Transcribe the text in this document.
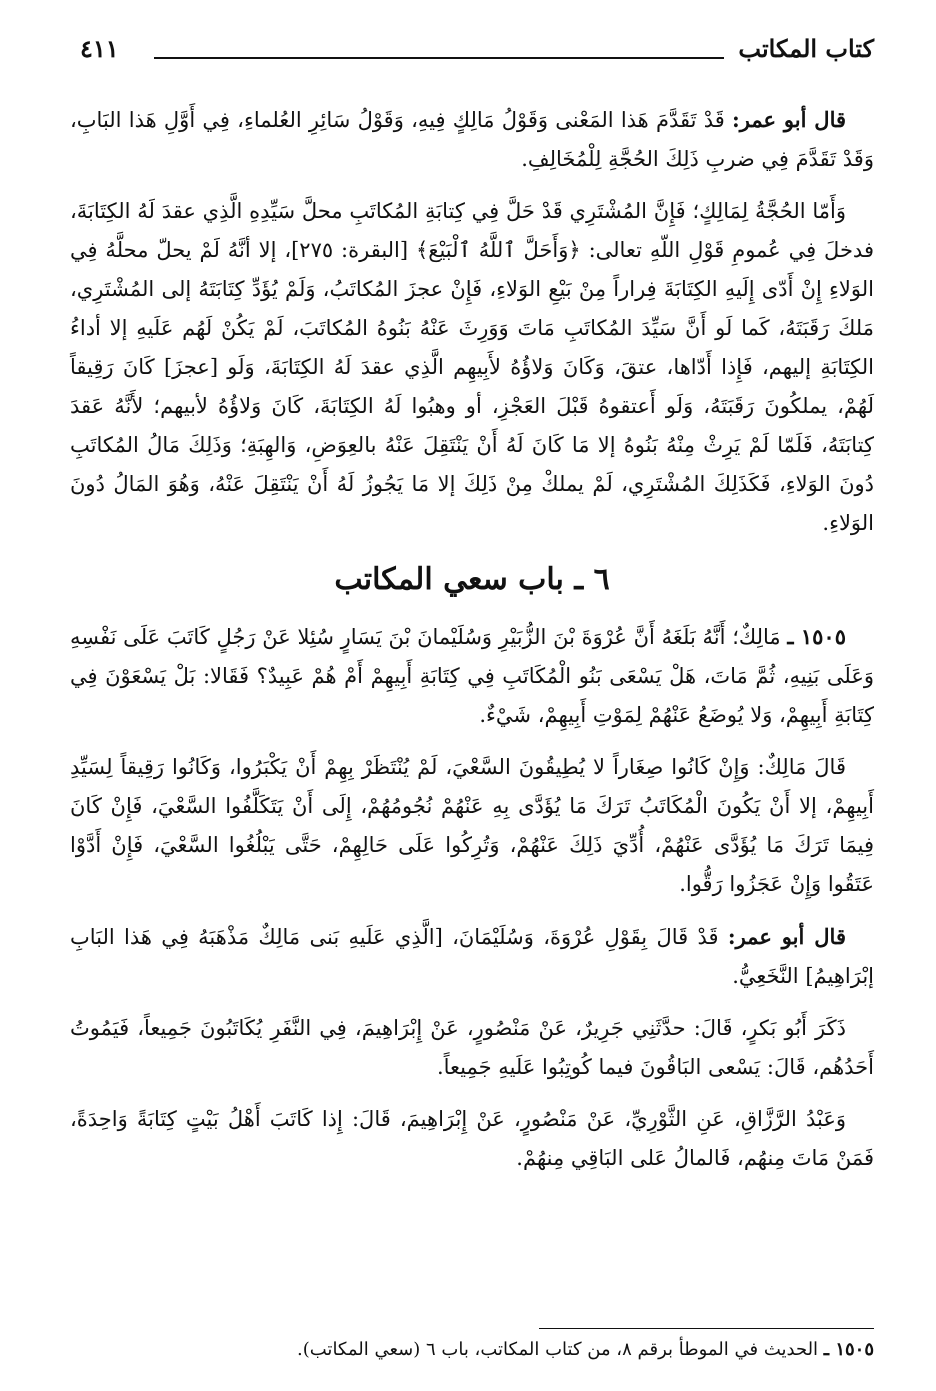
كتاب المكاتب
٤١١

قال أبو عمر: قَدْ تَقَدَّمَ هَذا المَعْنى وَقَوْلُ مَالِكٍ فِيهِ، وَقَوْلُ سَائِرِ العُلماءِ، فِي أَوَّلِ هَذا البَابِ، وَقَدْ تَقَدَّمَ فِي ضربِ ذَلِكَ الحُجَّةِ لِلْمُخَالِفِ.

وَأَمّا الحُجَّةُ لِمَالِكٍ؛ فَإِنَّ المُشْتَرِي قَدْ حَلَّ فِي كِتابَةِ المُكاتَبِ محلَّ سَيِّدِهِ الَّذِي عقدَ لَهُ الكِتَابَةَ، فدخلَ فِي عُمومِ قَوْلِ اللّهِ تعالى: ﴿وَأَحَلَّ ٱللَّهُ ٱلْبَيْعَ﴾ [البقرة: ٢٧٥]، إلا أنَّهُ لَمْ يحلّ محلَّهُ فِي الوَلاءِ إِنْ أَدّى إِلَيهِ الكِتَابَةَ فِراراً مِنْ بَيْعِ الوَلاءِ، فَإِنْ عجزَ المُكاتَبُ، وَلَمْ يُؤَدِّ كِتَابَتَهُ إلى المُشْتَرِي، مَلكَ رَقَبَتَهُ، كَما لَو أَنَّ سَيِّدَ المُكاتَبِ مَاتَ وَوَرِثَ عَنْهُ بَنُوهُ المُكاتَبَ، لَمْ يَكُنْ لَهُم عَلَيهِ إلا أداءُ الكِتَابَةِ إليهم، فَإِذا أَدّاها، عتقَ، وَكَانَ وَلاؤُهُ لأَبِيهِم الَّذِي عقدَ لَهُ الكِتَابَةَ، وَلَو [عجزَ] كَانَ رَقِيقاً لَهُمْ، يملكُونَ رَقَبَتَهُ، وَلَو أَعتقوهُ قَبْلَ العَجْزِ، أو وهبُوا لَهُ الكِتَابَةَ، كَانَ وَلاؤُهُ لأبيهم؛ لأَنَّهُ عَقدَ كِتابَتَهُ، فَلَمّا لَمْ يَرِثْ مِنْهُ بَنُوهُ إلا مَا كَانَ لَهُ أَنْ يَنْتَقِلَ عَنْهُ بالعِوَضِ، وَالهِبَةِ؛ وَذَلِكَ مَالُ المُكاتَبِ دُونَ الوَلاءِ، فَكَذَلِكَ المُشْتَرِي، لَمْ يملكْ مِنْ ذَلِكَ إلا مَا يَجُوزُ لَهُ أَنْ يَنْتَقِلَ عَنْهُ، وَهُوَ المَالُ دُونَ الوَلاءِ.

٦ ـ باب سعي المكاتب

١٥٠٥ ـ مَالِكٌ؛ أَنَّهُ بَلَغَهُ أَنَّ عُرْوَةَ بْنَ الزُّبَيْرِ وَسُلَيْمانَ بْنَ يَسَارٍ سُئِلا عَنْ رَجُلٍ كَاتَبَ عَلَى نَفْسِهِ وَعَلَى بَنِيهِ، ثُمَّ مَاتَ، هَلْ يَسْعَى بَنُو الْمُكَاتَبِ فِي كِتَابَةِ أَبِيهِمْ أَمْ هُمْ عَبِيدٌ؟ فَقَالا: بَلْ يَسْعَوْنَ فِي كِتَابَةِ أَبِيهِمْ، وَلا يُوضَعُ عَنْهُمْ لِمَوْتِ أَبِيهِمْ، شَيْءٌ.

قَالَ مَالِكٌ: وَإِنْ كَانُوا صِغَاراً لا يُطِيقُونَ السَّعْيَ، لَمْ يُنْتَظَرْ بِهِمْ أَنْ يَكْبَرُوا، وَكَانُوا رَقِيقاً لِسَيِّدِ أَبِيهِمْ، إلا أَنْ يَكُونَ الْمُكَاتَبُ تَرَكَ مَا يُؤَدَّى بِهِ عَنْهُمْ نُجُومُهُمْ، إِلَى أَنْ يَتَكَلَّفُوا السَّعْيَ، فَإِنْ كَانَ فِيمَا تَرَكَ مَا يُؤَدَّى عَنْهُمْ، أُدِّيَ ذَلِكَ عَنْهُمْ، وَتُرِكُوا عَلَى حَالِهِمْ، حَتَّى يَبْلُغُوا السَّعْيَ، فَإِنْ أَدَّوْا عَتَقُوا وَإِنْ عَجَزُوا رَقُّوا.

قال أبو عمر: قَدْ قَالَ بِقَوْلِ عُرْوَةَ، وَسُلَيْمَانَ، [الَّذِي عَلَيهِ بَنى مَالِكٌ مَذْهَبَهُ فِي هَذا البَابِ إبْرَاهِيمُ] النَّخَعِيُّ.

ذَكَرَ أَبُو بَكرٍ، قَالَ: حدَّثَنِي جَرِيرٌ، عَنْ مَنْصُورٍ، عَنْ إِبْرَاهِيمَ، فِي النَّفَرِ يُكَاتَبُونَ جَمِيعاً، فَيَمُوتُ أَحَدُهُم، قَالَ: يَسْعى البَاقُونَ فيما كُوتِبُوا عَلَيهِ جَمِيعاً.

وَعَبْدُ الرَّزَّاقِ، عَنِ الثَّوْرِيِّ، عَنْ مَنْصُورٍ، عَنْ إِبْرَاهِيمَ، قَالَ: إِذا كَاتَبَ أَهْلُ بَيْتٍ كِتَابَةً وَاحِدَةً، فَمَنْ مَاتَ مِنهُم، فَالمالُ عَلى البَاقِي مِنهُمْ.

١٥٠٥ ـ الحديث في الموطأ برقم ٨، من كتاب المكاتب، باب ٦ (سعي المكاتب).
